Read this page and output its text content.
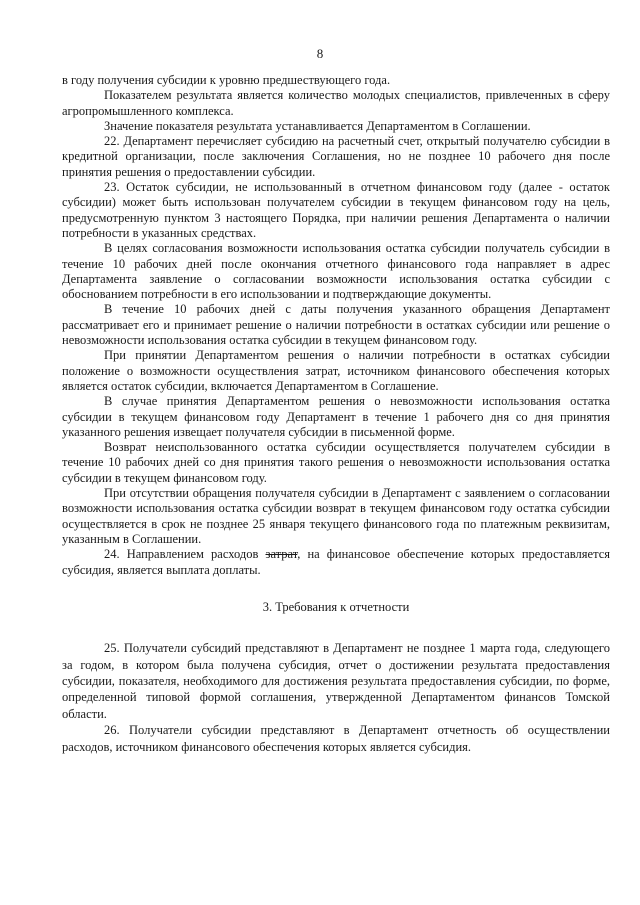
8

в году получения субсидии к уровню предшествующего года.

Показателем результата является количество молодых специалистов, привлеченных в сферу агропромышленного комплекса.

Значение показателя результата устанавливается Департаментом в Соглашении.

22. Департамент перечисляет субсидию на расчетный счет, открытый получателю субсидии в кредитной организации, после заключения Соглашения, но не позднее 10 рабочего дня после принятия решения о предоставлении субсидии.

23. Остаток субсидии, не использованный в отчетном финансовом году (далее - остаток субсидии) может быть использован получателем субсидии в текущем финансовом году на цель, предусмотренную пунктом 3 настоящего Порядка, при наличии решения Департамента о наличии потребности в указанных средствах.

В целях согласования возможности использования остатка субсидии получатель субсидии в течение 10 рабочих дней после окончания отчетного финансового года направляет в адрес Департамента заявление о согласовании возможности использования остатка субсидии с обоснованием потребности в его использовании и подтверждающие документы.

В течение 10 рабочих дней с даты получения указанного обращения Департамент рассматривает его и принимает решение о наличии потребности в остатках субсидии или решение о невозможности использования остатка субсидии в текущем финансовом году.

При принятии Департаментом решения о наличии потребности в остатках субсидии положение о возможности осуществления затрат, источником финансового обеспечения которых является остаток субсидии, включается Департаментом в Соглашение.

В случае принятия Департаментом решения о невозможности использования остатка субсидии в текущем финансовом году Департамент в течение 1 рабочего дня со дня принятия указанного решения извещает получателя субсидии в письменной форме.

Возврат неиспользованного остатка субсидии осуществляется получателем субсидии в течение 10 рабочих дней со дня принятия такого решения о невозможности использования остатка субсидии в текущем финансовом году.

При отсутствии обращения получателя субсидии в Департамент с заявлением о согласовании возможности использования остатка субсидии возврат в текущем финансовом году остатка субсидии осуществляется в срок не позднее 25 января текущего финансового года по платежным реквизитам, указанным в Соглашении.

24. Направлением расходов затрат, на финансовое обеспечение которых предоставляется субсидия, является выплата доплаты.

3. Требования к отчетности

25. Получатели субсидий представляют в Департамент не позднее 1 марта года, следующего за годом, в котором была получена субсидия, отчет о достижении результата предоставления субсидии, показателя, необходимого для достижения результата предоставления субсидии, по форме, определенной типовой формой соглашения, утвержденной Департаментом финансов Томской области.

26. Получатели субсидии представляют в Департамент отчетность об осуществлении расходов, источником финансового обеспечения которых является субсидия.
